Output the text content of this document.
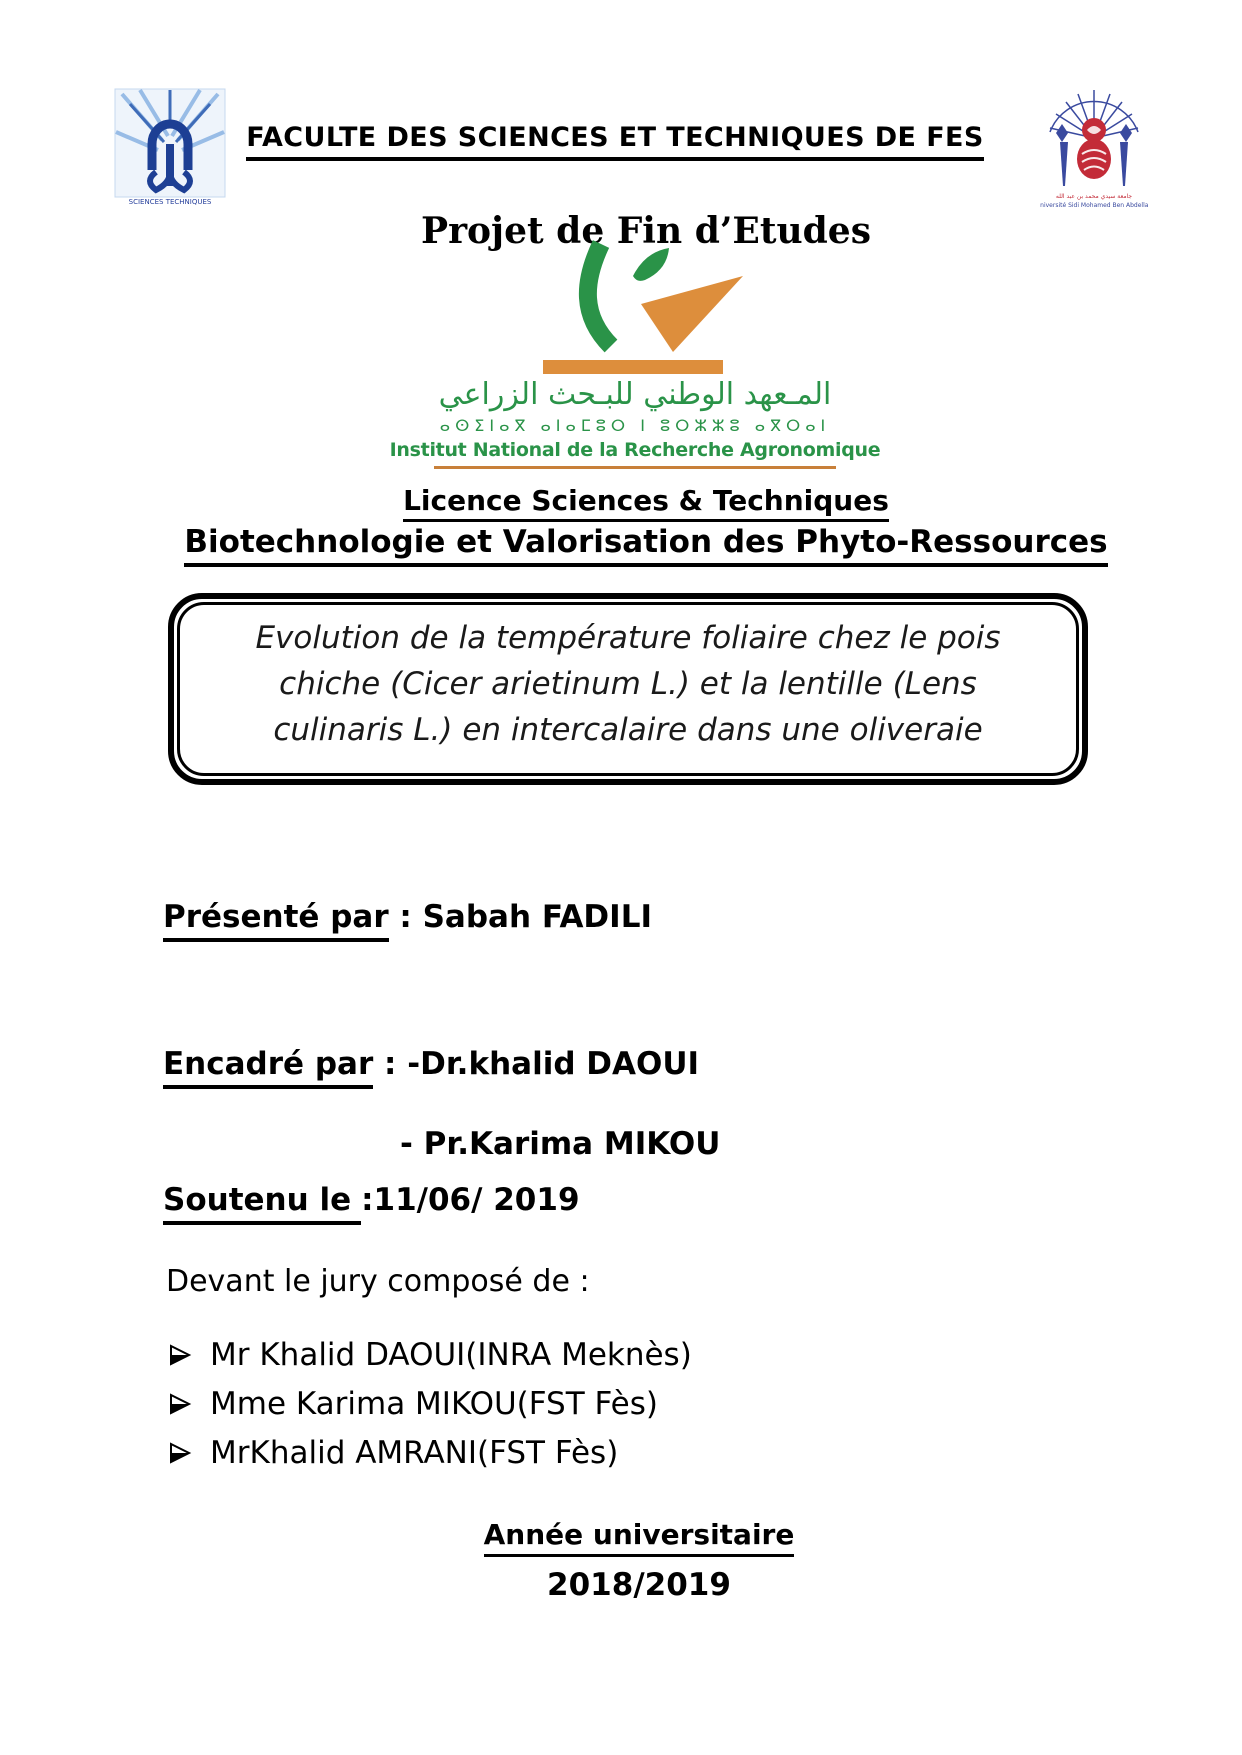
SCIENCES TECHNIQUES
جامعة سيدي محمد بن عبد الله
Université Sidi Mohamed Ben Abdellah
FACULTE DES SCIENCES ET TECHNIQUES DE FES
Projet de Fin d’Etudes
المـعهد الوطني للبـحث الزراعي
ⴰⵙⵉⵏⴰⴳ ⴰⵏⴰⵎⵓⵔ ⵏ ⵓⵔⵣⵣⵓ ⴰⴳⵔⴰⵏ
Institut National de la Recherche Agronomique
Licence Sciences & Techniques
Biotechnologie et Valorisation des Phyto-Ressources
Evolution de la température foliaire chez le pois
chiche (Cicer arietinum L.) et la lentille (Lens
culinaris L.) en intercalaire dans une oliveraie
Présenté par : Sabah FADILI
Encadré par : -Dr.khalid DAOUI
- Pr.Karima MIKOU
Soutenu le :11/06/ 2019
Devant le jury composé de :
Mr Khalid DAOUI(INRA Meknès)
Mme Karima MIKOU(FST Fès)
MrKhalid AMRANI(FST Fès)
Année universitaire
2018/2019
